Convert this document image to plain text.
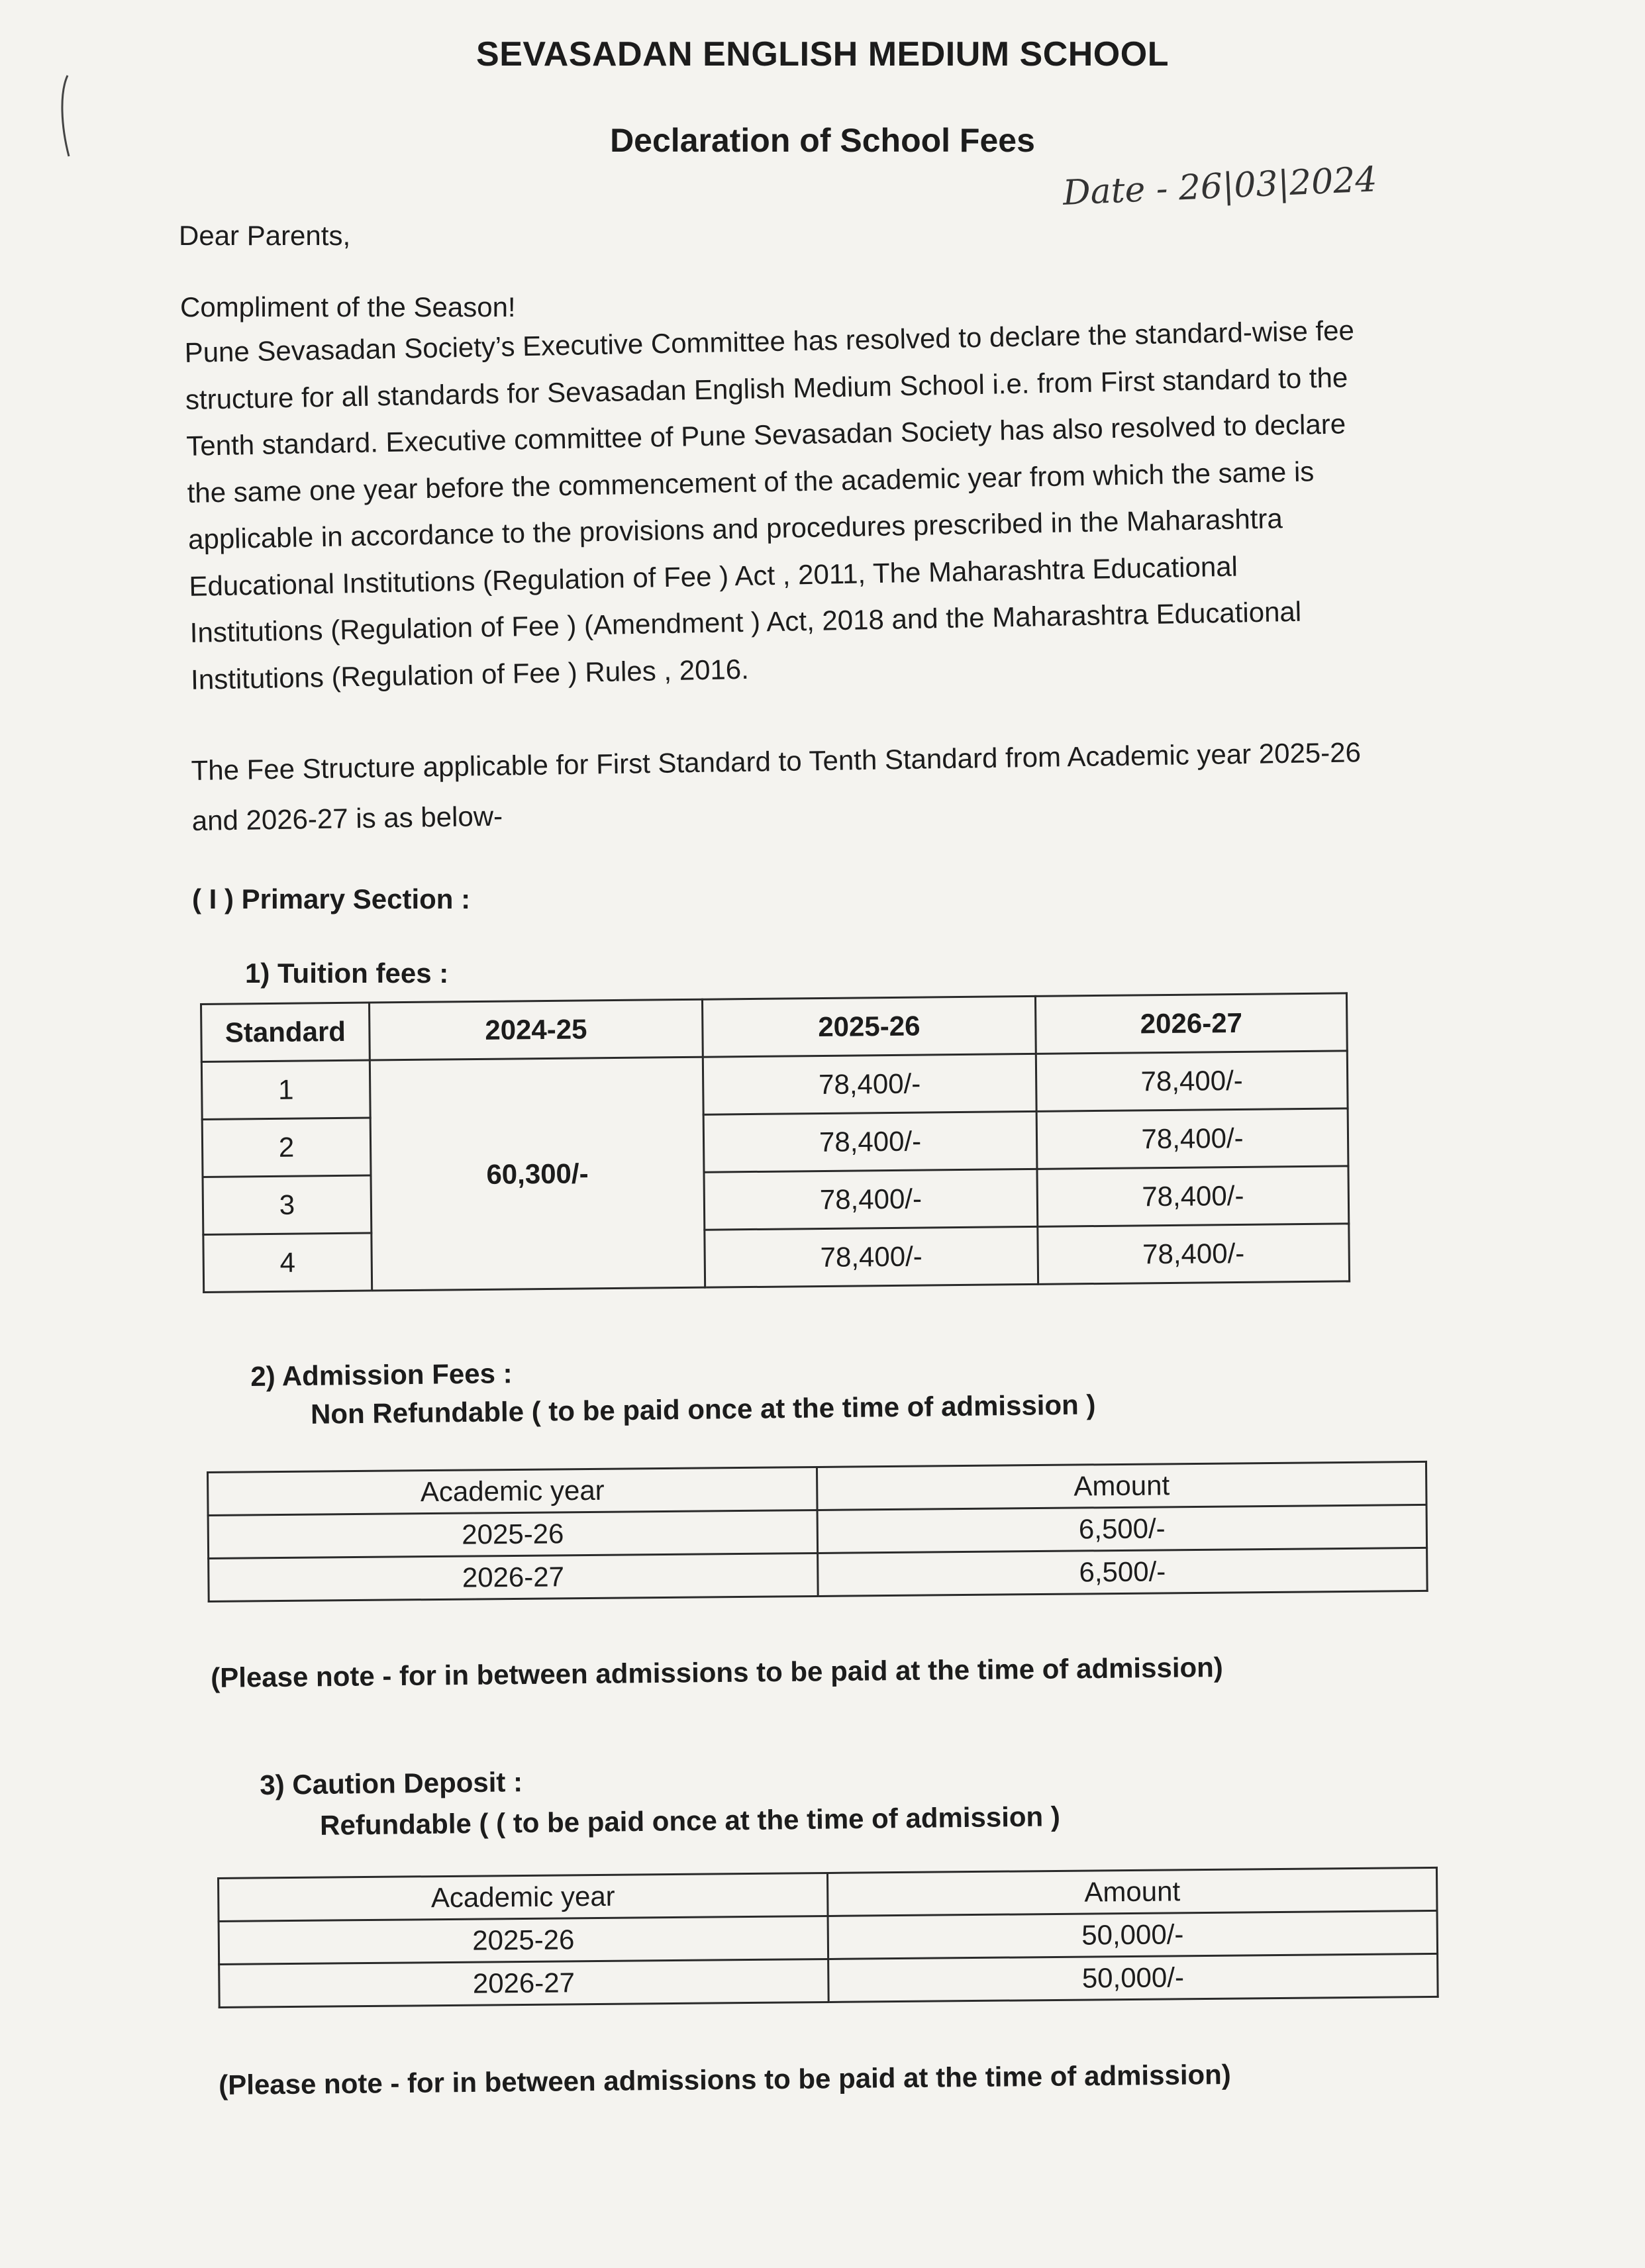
SEVASADAN ENGLISH MEDIUM SCHOOL
Declaration of School Fees
Date - 26|03|2024
Dear Parents,
Compliment of the Season!
Pune Sevasadan Society’s Executive Committee has resolved to declare the standard-wise fee
structure for all standards for Sevasadan English Medium School i.e. from First standard to the
Tenth standard. Executive committee of Pune Sevasadan Society has also resolved to declare
the same one year before the commencement of the academic year from which the same is
applicable in accordance to the provisions and procedures prescribed in the Maharashtra
Educational Institutions (Regulation of Fee ) Act , 2011, The Maharashtra Educational
Institutions (Regulation of Fee ) (Amendment ) Act, 2018 and the Maharashtra Educational
Institutions (Regulation of Fee ) Rules , 2016.
The Fee Structure applicable for First Standard to Tenth Standard from Academic year 2025-26
and 2026-27 is as below-
( I ) Primary Section :
1) Tuition fees :
Standard	2024-25	2025-26	2026-27
1	60,300/-	78,400/-	78,400/-
2		78,400/-	78,400/-
3		78,400/-	78,400/-
4		78,400/-	78,400/-
2) Admission Fees :
Non Refundable ( to be paid once at the time of admission )
Academic year	Amount
2025-26	6,500/-
2026-27	6,500/-
(Please note - for in between admissions to be paid at the time of admission)
3) Caution Deposit :
Refundable ( ( to be paid once at the time of admission )
Academic year	Amount
2025-26	50,000/-
2026-27	50,000/-
(Please note - for in between admissions to be paid at the time of admission)
